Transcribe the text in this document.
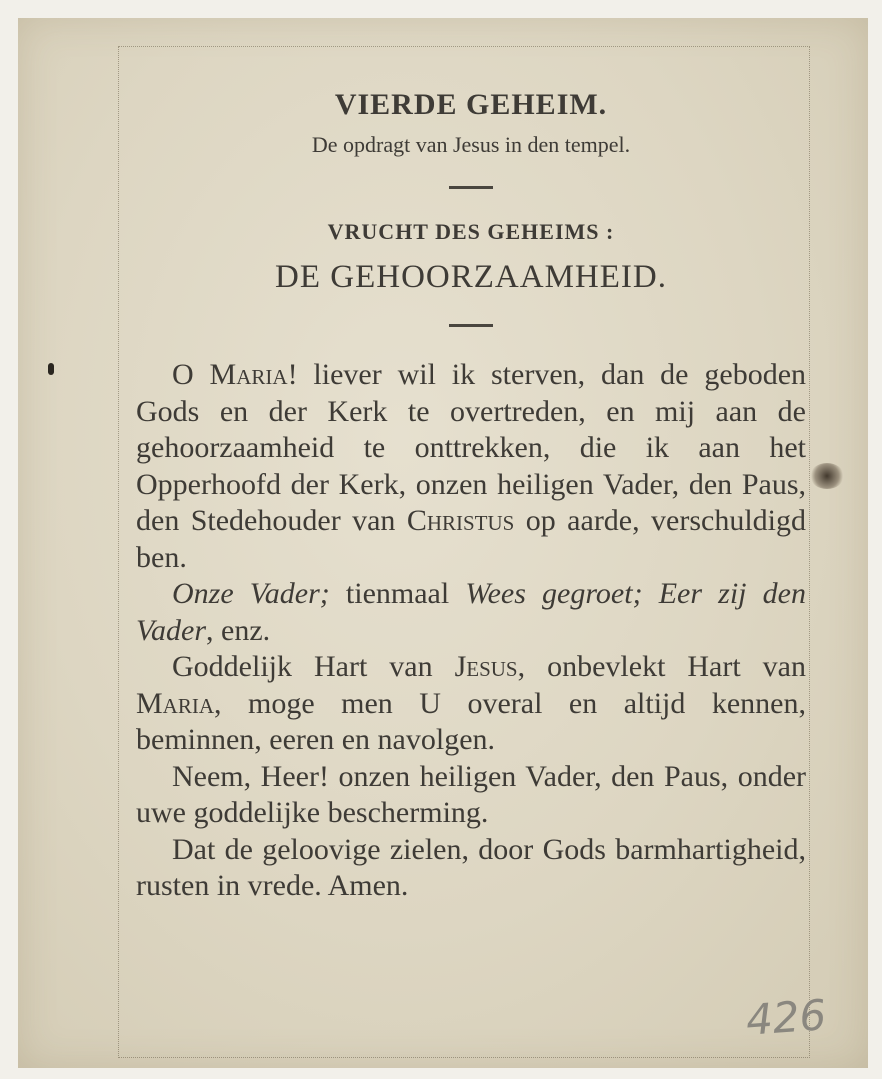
VIERDE GEHEIM.

De opdragt van Jesus in den tempel.

VRUCHT DES GEHEIMS :

DE GEHOORZAAMHEID.

O Maria! liever wil ik sterven, dan de geboden Gods en der Kerk te overtreden, en mij aan de gehoorzaamheid te onttrekken, die ik aan het Opperhoofd der Kerk, onzen heiligen Vader, den Paus, den Stedehouder van Christus op aarde, verschuldigd ben.

Onze Vader; tienmaal Wees gegroet; Eer zij den Vader, enz.

Goddelijk Hart van Jesus, onbevlekt Hart van Maria, moge men U overal en altijd kennen, beminnen, eeren en navolgen.

Neem, Heer! onzen heiligen Vader, den Paus, onder uwe goddelijke bescherming.

Dat de geloovige zielen, door Gods barmhartigheid, rusten in vrede. Amen.

426
